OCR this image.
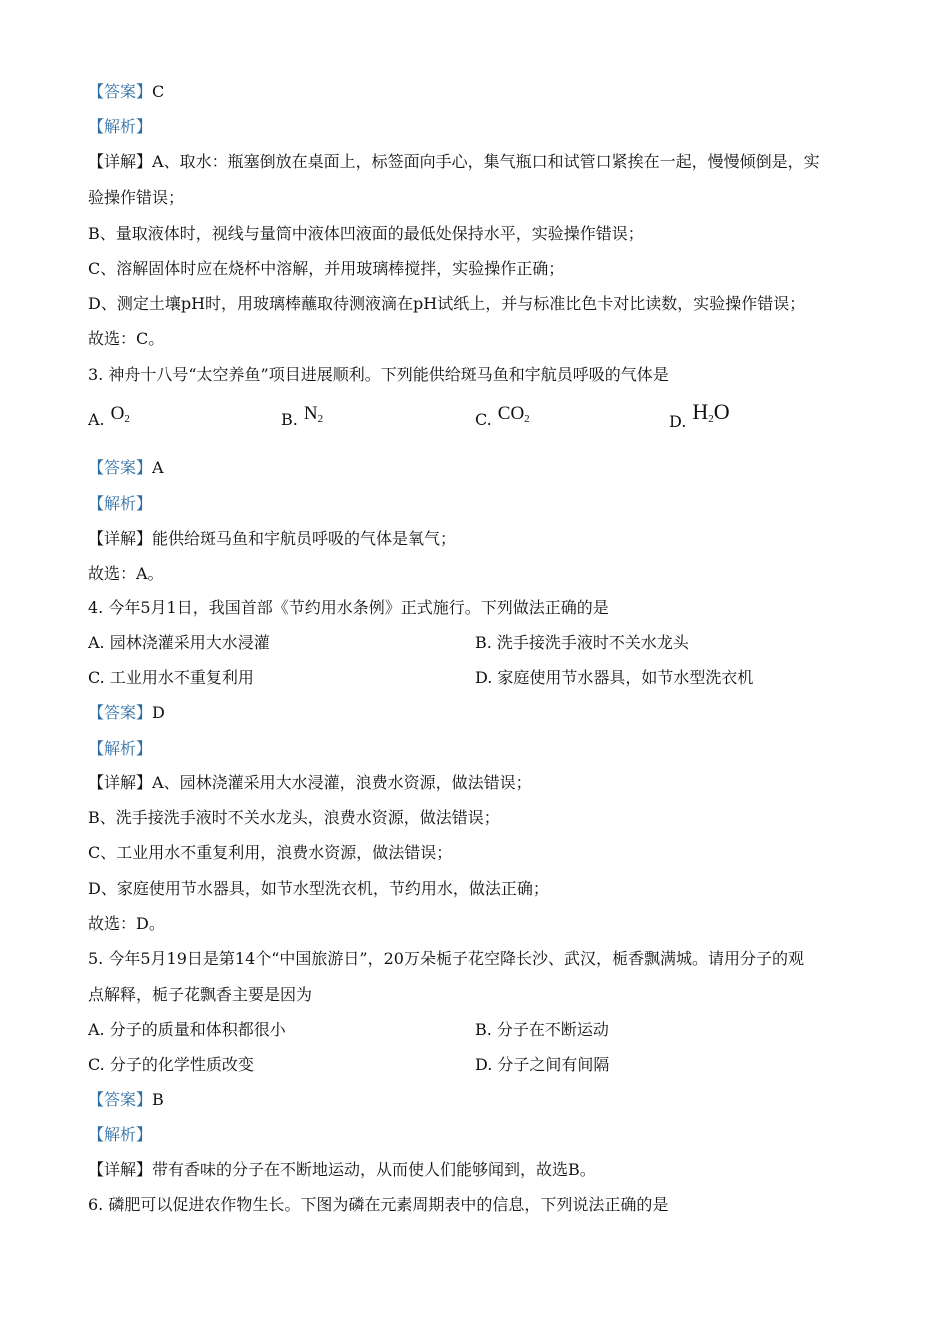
【答案】C
【解析】
【详解】A、取水：瓶塞倒放在桌面上，标签面向手心，集气瓶口和试管口紧挨在一起，慢慢倾倒是，实
验操作错误；
B、量取液体时，视线与量筒中液体凹液面的最低处保持水平，实验操作错误；
C、溶解固体时应在烧杯中溶解，并用玻璃棒搅拌，实验操作正确；
D、测定土壤pH时，用玻璃棒蘸取待测液滴在pH试纸上，并与标准比色卡对比读数，实验操作错误；
故选：C。
3. 神舟十八号“太空养鱼”项目进展顺利。下列能供给斑马鱼和宇航员呼吸的气体是
A. $O_2$	B. $N_2$	C. $CO_2$	D. $H_2O$
【答案】A
【解析】
【详解】能供给斑马鱼和宇航员呼吸的气体是氧气；
故选：A。
4. 今年5月1日，我国首部《节约用水条例》正式施行。下列做法正确的是
A. 园林浇灌采用大水浸灌	B. 洗手接洗手液时不关水龙头
C. 工业用水不重复利用	D. 家庭使用节水器具，如节水型洗衣机
【答案】D
【解析】
【详解】A、园林浇灌采用大水浸灌，浪费水资源，做法错误；
B、洗手接洗手液时不关水龙头，浪费水资源，做法错误；
C、工业用水不重复利用，浪费水资源，做法错误；
D、家庭使用节水器具，如节水型洗衣机，节约用水，做法正确；
故选：D。
5. 今年5月19日是第14个“中国旅游日”，20万朵栀子花空降长沙、武汉，栀香飘满城。请用分子的观
点解释，栀子花飘香主要是因为
A. 分子的质量和体积都很小	B. 分子在不断运动
C. 分子的化学性质改变	D. 分子之间有间隔
【答案】B
【解析】
【详解】带有香味的分子在不断地运动，从而使人们能够闻到，故选B。
6. 磷肥可以促进农作物生长。下图为磷在元素周期表中的信息，下列说法正确的是
